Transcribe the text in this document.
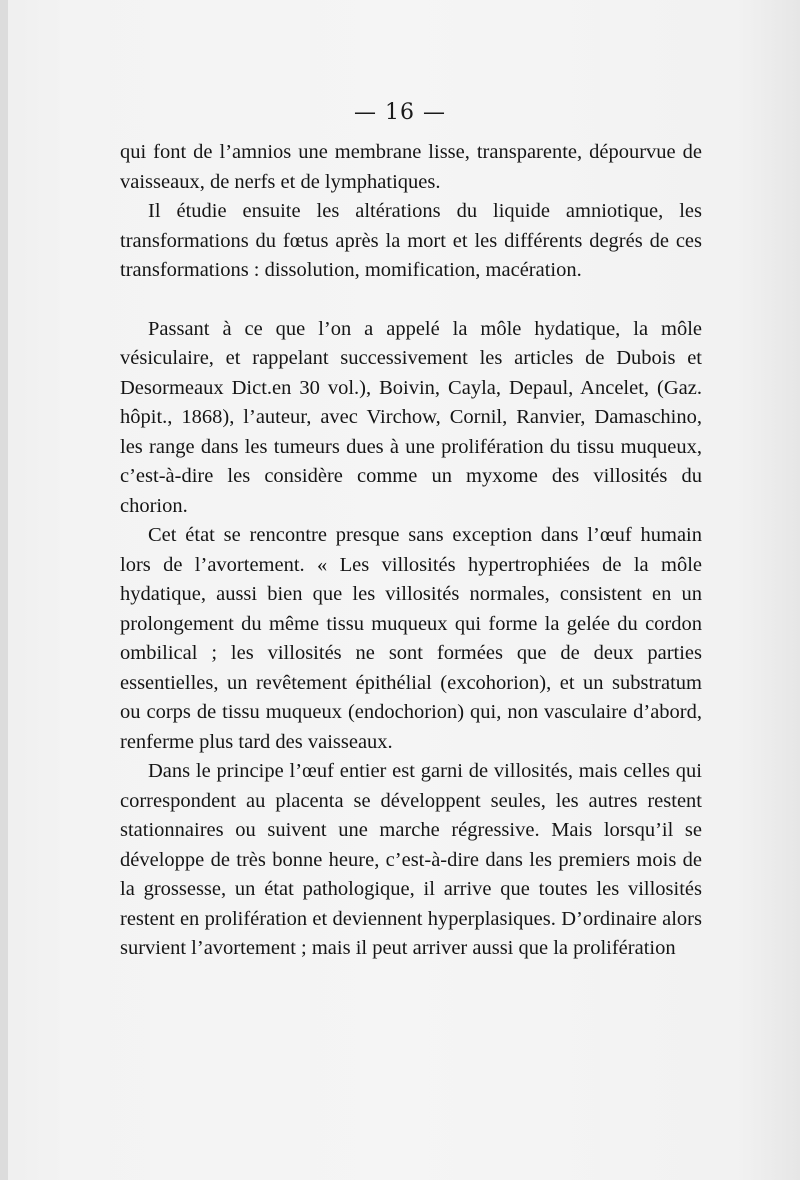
— 16 —

qui font de l’amnios une membrane lisse, transparente, dépourvue de vaisseaux, de nerfs et de lymphatiques.

Il étudie ensuite les altérations du liquide amniotique, les transformations du fœtus après la mort et les différents degrés de ces transformations : dissolution, momification, macération.

Passant à ce que l’on a appelé la môle hydatique, la môle vésiculaire, et rappelant successivement les articles de Dubois et Desormeaux Dict.en 30 vol.), Boivin, Cayla, Depaul, Ancelet, (Gaz. hôpit., 1868), l’auteur, avec Virchow, Cornil, Ranvier, Damaschino, les range dans les tumeurs dues à une prolifération du tissu muqueux, c’est-à-dire les considère comme un myxome des villosités du chorion.

Cet état se rencontre presque sans exception dans l’œuf humain lors de l’avortement. « Les villosités hypertrophiées de la môle hydatique, aussi bien que les villosités normales, consistent en un prolongement du même tissu muqueux qui forme la gelée du cordon ombilical ; les villosités ne sont formées que de deux parties essentielles, un revêtement épithélial (excohorion), et un substratum ou corps de tissu muqueux (endochorion) qui, non vasculaire d’abord, renferme plus tard des vaisseaux.

Dans le principe l’œuf entier est garni de villosités, mais celles qui correspondent au placenta se développent seules, les autres restent stationnaires ou suivent une marche régressive. Mais lorsqu’il se développe de très bonne heure, c’est-à-dire dans les premiers mois de la grossesse, un état pathologique, il arrive que toutes les villosités restent en prolifération et deviennent hyperplasiques. D’ordinaire alors survient l’avortement ; mais il peut arriver aussi que la prolifération
